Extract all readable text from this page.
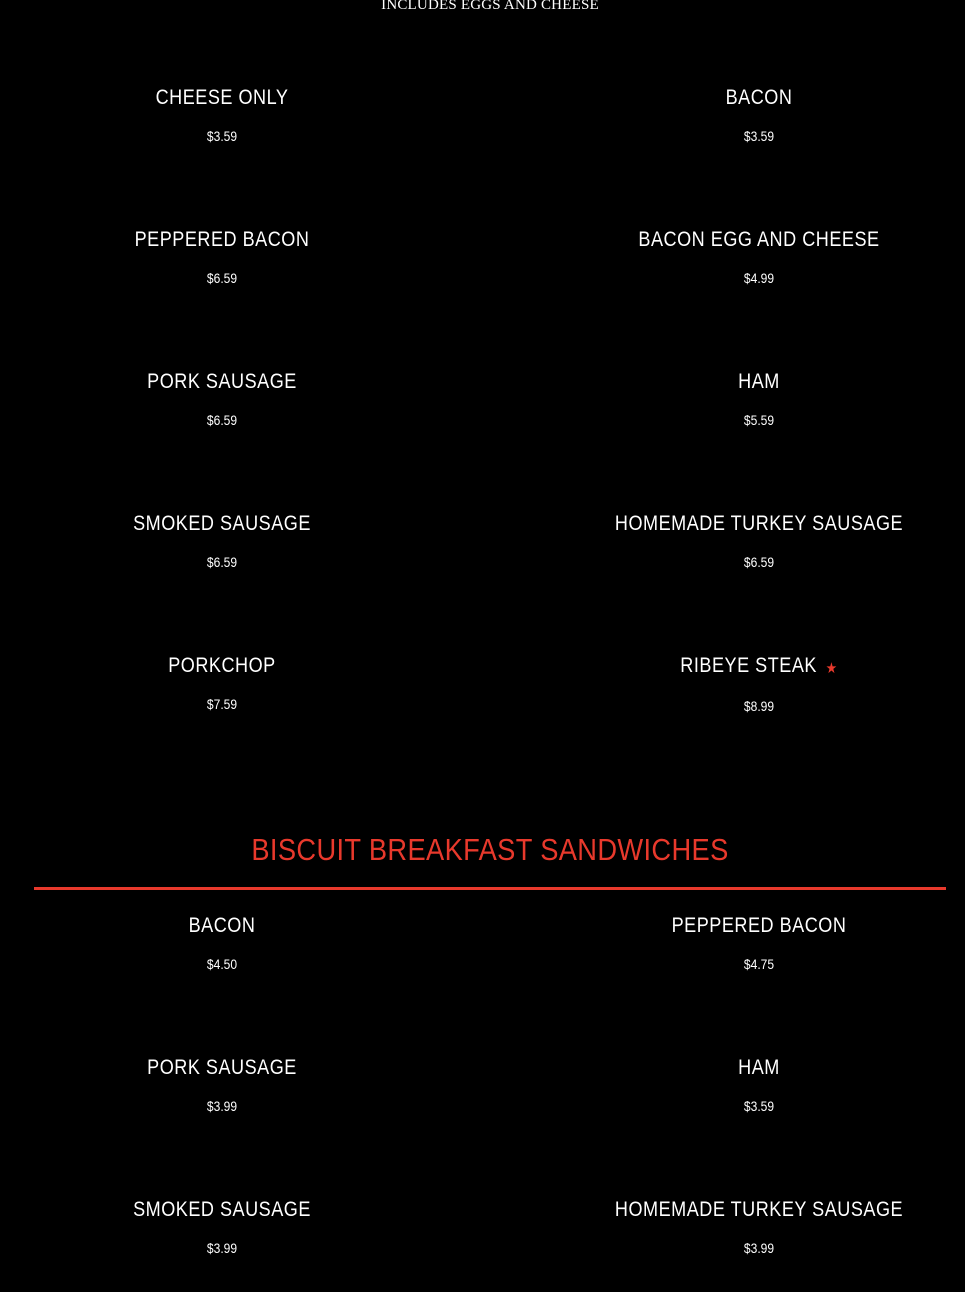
INCLUDES EGGS AND CHEESE
CHEESE ONLY
$3.59
BACON
$3.59
PEPPERED BACON
$6.59
BACON EGG AND CHEESE
$4.99
PORK SAUSAGE
$6.59
HAM
$5.59
SMOKED SAUSAGE
$6.59
HOMEMADE TURKEY SAUSAGE
$6.59
PORKCHOP
$7.59
RIBEYE STEAK ★
$8.99
BISCUIT BREAKFAST SANDWICHES
BACON
$4.50
PEPPERED BACON
$4.75
PORK SAUSAGE
$3.99
HAM
$3.59
SMOKED SAUSAGE
$3.99
HOMEMADE TURKEY SAUSAGE
$3.99
